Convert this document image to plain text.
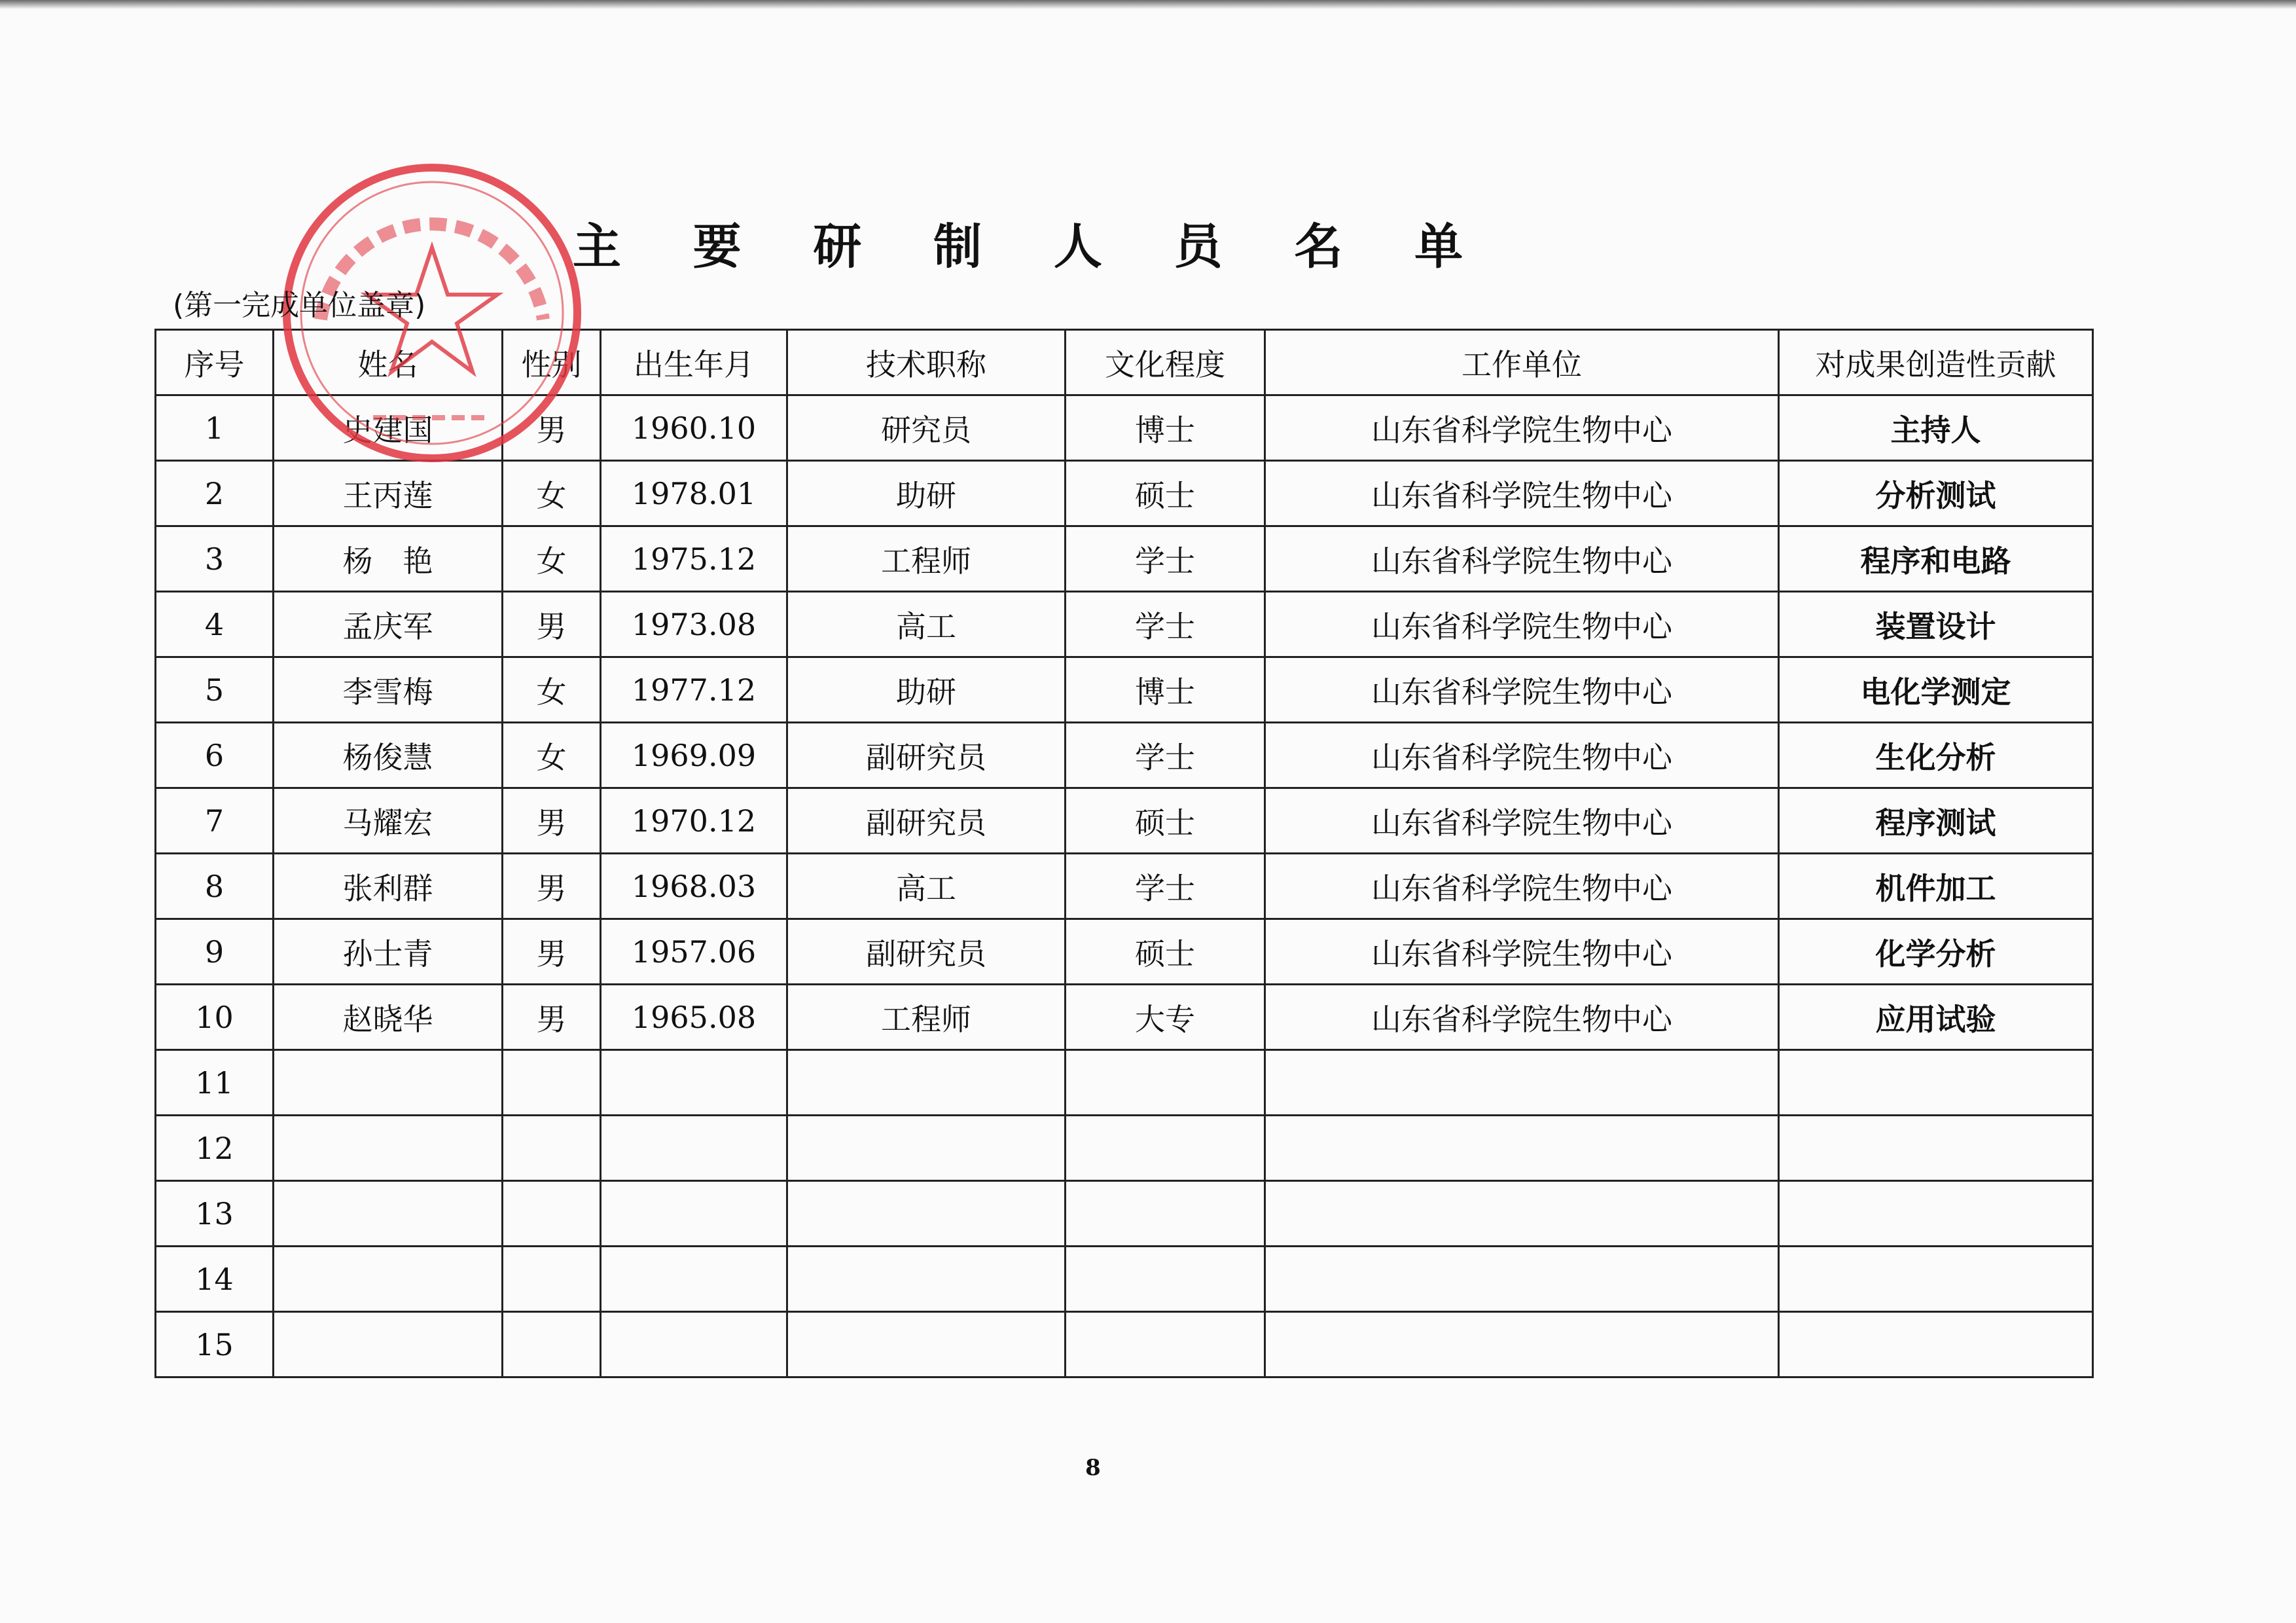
主 要 研 制 人 员 名 单
(第一完成单位盖章)
序号	姓名	性别	出生年月	技术职称	文化程度	工作单位	对成果创造性贡献
1	史建国	男	1960.10	研究员	博士	山东省科学院生物中心	主持人
2	王丙莲	女	1978.01	助研	硕士	山东省科学院生物中心	分析测试
3	杨　艳	女	1975.12	工程师	学士	山东省科学院生物中心	程序和电路
4	孟庆军	男	1973.08	高工	学士	山东省科学院生物中心	装置设计
5	李雪梅	女	1977.12	助研	博士	山东省科学院生物中心	电化学测定
6	杨俊慧	女	1969.09	副研究员	学士	山东省科学院生物中心	生化分析
7	马耀宏	男	1970.12	副研究员	硕士	山东省科学院生物中心	程序测试
8	张利群	男	1968.03	高工	学士	山东省科学院生物中心	机件加工
9	孙士青	男	1957.06	副研究员	硕士	山东省科学院生物中心	化学分析
10	赵晓华	男	1965.08	工程师	大专	山东省科学院生物中心	应用试验
11							
12							
13							
14							
15							
8
